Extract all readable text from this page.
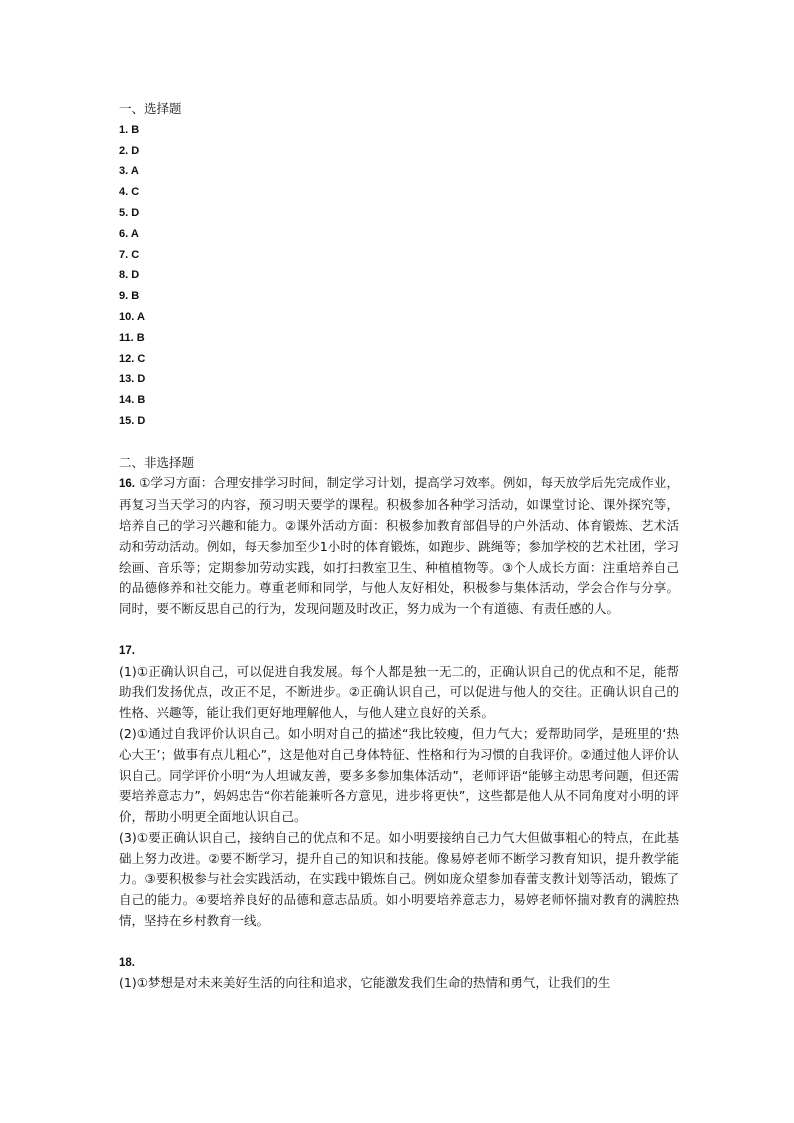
一、选择题
1. B
2. D
3. A
4. C
5. D
6. A
7. C
8. D
9. B
10. A
11. B
12. C
13. D
14. B
15. D
二、非选择题

16. ①学习方面：合理安排学习时间，制定学习计划，提高学习效率。例如，每天放学后先完成作业，再复习当天学习的内容，预习明天要学的课程。积极参加各种学习活动，如课堂讨论、课外探究等，培养自己的学习兴趣和能力。②课外活动方面：积极参加教育部倡导的户外活动、体育锻炼、艺术活动和劳动活动。例如，每天参加至少1小时的体育锻炼，如跑步、跳绳等；参加学校的艺术社团，学习绘画、音乐等；定期参加劳动实践，如打扫教室卫生、种植植物等。③个人成长方面：注重培养自己的品德修养和社交能力。尊重老师和同学，与他人友好相处，积极参与集体活动，学会合作与分享。同时，要不断反思自己的行为，发现问题及时改正，努力成为一个有道德、有责任感的人。

17.

(1)①正确认识自己，可以促进自我发展。每个人都是独一无二的，正确认识自己的优点和不足，能帮助我们发扬优点，改正不足，不断进步。②正确认识自己，可以促进与他人的交往。正确认识自己的性格、兴趣等，能让我们更好地理解他人，与他人建立良好的关系。

(2)①通过自我评价认识自己。如小明对自己的描述“我比较瘦，但力气大；爱帮助同学，是班里的‘热心大王’；做事有点儿粗心”，这是他对自己身体特征、性格和行为习惯的自我评价。②通过他人评价认识自己。同学评价小明“为人坦诚友善，要多多参加集体活动”，老师评语“能够主动思考问题，但还需要培养意志力”，妈妈忠告“你若能兼听各方意见，进步将更快”，这些都是他人从不同角度对小明的评价，帮助小明更全面地认识自己。

(3)①要正确认识自己，接纳自己的优点和不足。如小明要接纳自己力气大但做事粗心的特点，在此基础上努力改进。②要不断学习，提升自己的知识和技能。像易婷老师不断学习教育知识，提升教学能力。③要积极参与社会实践活动，在实践中锻炼自己。例如庞众望参加春蕾支教计划等活动，锻炼了自己的能力。④要培养良好的品德和意志品质。如小明要培养意志力，易婷老师怀揣对教育的满腔热情，坚持在乡村教育一线。

18.

(1)①梦想是对未来美好生活的向往和追求，它能激发我们生命的热情和勇气，让我们的生
